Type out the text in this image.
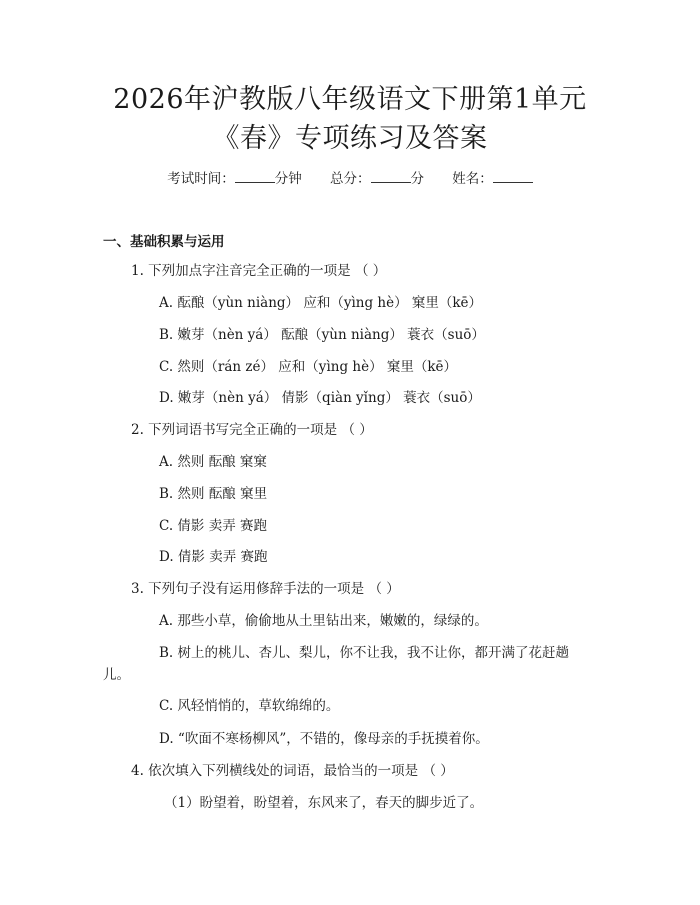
2026年沪教版八年级语文下册第1单元
《春》专项练习及答案
考试时间：	分钟 总分：	分 姓名：
一、基础积累与运用
1. 下列加点字注音完全正确的一项是 （ ）
A. 酝酿（yùn niàng） 应和（yìng hè） 窠里（kē）
B. 嫩芽（nèn yá） 酝酿（yùn niàng） 蓑衣（suō）
C. 然则（rán zé） 应和（yìng hè） 窠里（kē）
D. 嫩芽（nèn yá） 倩影（qiàn yǐng） 蓑衣（suō）
2. 下列词语书写完全正确的一项是 （ ）
A. 然则 酝酿 窠窠
B. 然则 酝酿 窠里
C. 倩影 卖弄 赛跑
D. 倩影 卖弄 赛跑
3. 下列句子没有运用修辞手法的一项是 （ ）
A. 那些小草，偷偷地从土里钻出来，嫩嫩的，绿绿的。
B. 树上的桃儿、杏儿、梨儿，你不让我，我不让你，都开满了花赶趟
儿。
C. 风轻悄悄的，草软绵绵的。
D. “吹面不寒杨柳风”，不错的，像母亲的手抚摸着你。
4. 依次填入下列横线处的词语，最恰当的一项是 （ ）
（1）盼望着，盼望着，东风来了，春天的脚步近了。
